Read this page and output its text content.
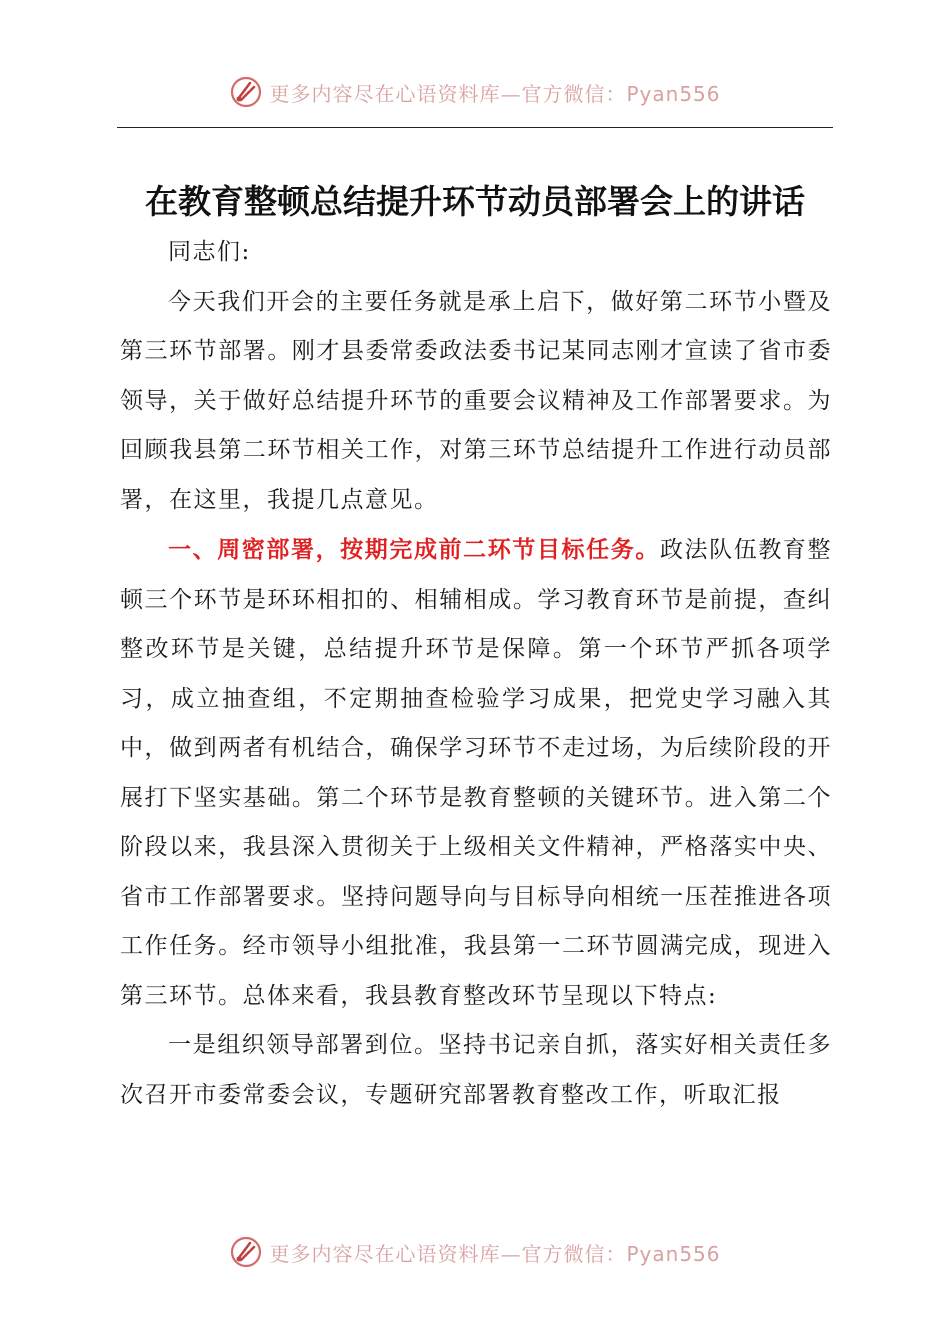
更多内容尽在心语资料库—官方微信：Pyan556
在教育整顿总结提升环节动员部署会上的讲话

同志们:

今天我们开会的主要任务就是承上启下，做好第二环节小暨及第三环节部署。刚才县委常委政法委书记某同志刚才宣读了省市委领导，关于做好总结提升环节的重要会议精神及工作部署要求。为回顾我县第二环节相关工作，对第三环节总结提升工作进行动员部署，在这里，我提几点意见。

一、周密部署，按期完成前二环节目标任务。政法队伍教育整顿三个环节是环环相扣的、相辅相成。学习教育环节是前提，查纠整改环节是关键，总结提升环节是保障。第一个环节严抓各项学习，成立抽查组，不定期抽查检验学习成果，把党史学习融入其中，做到两者有机结合，确保学习环节不走过场，为后续阶段的开展打下坚实基础。第二个环节是教育整顿的关键环节。进入第二个阶段以来，我县深入贯彻关于上级相关文件精神，严格落实中央、省市工作部署要求。坚持问题导向与目标导向相统一压茬推进各项工作任务。经市领导小组批准，我县第一二环节圆满完成，现进入第三环节。总体来看，我县教育整改环节呈现以下特点:

一是组织领导部署到位。坚持书记亲自抓，落实好相关责任多次召开市委常委会议，专题研究部署教育整改工作，听取汇报

更多内容尽在心语资料库—官方微信：Pyan556
